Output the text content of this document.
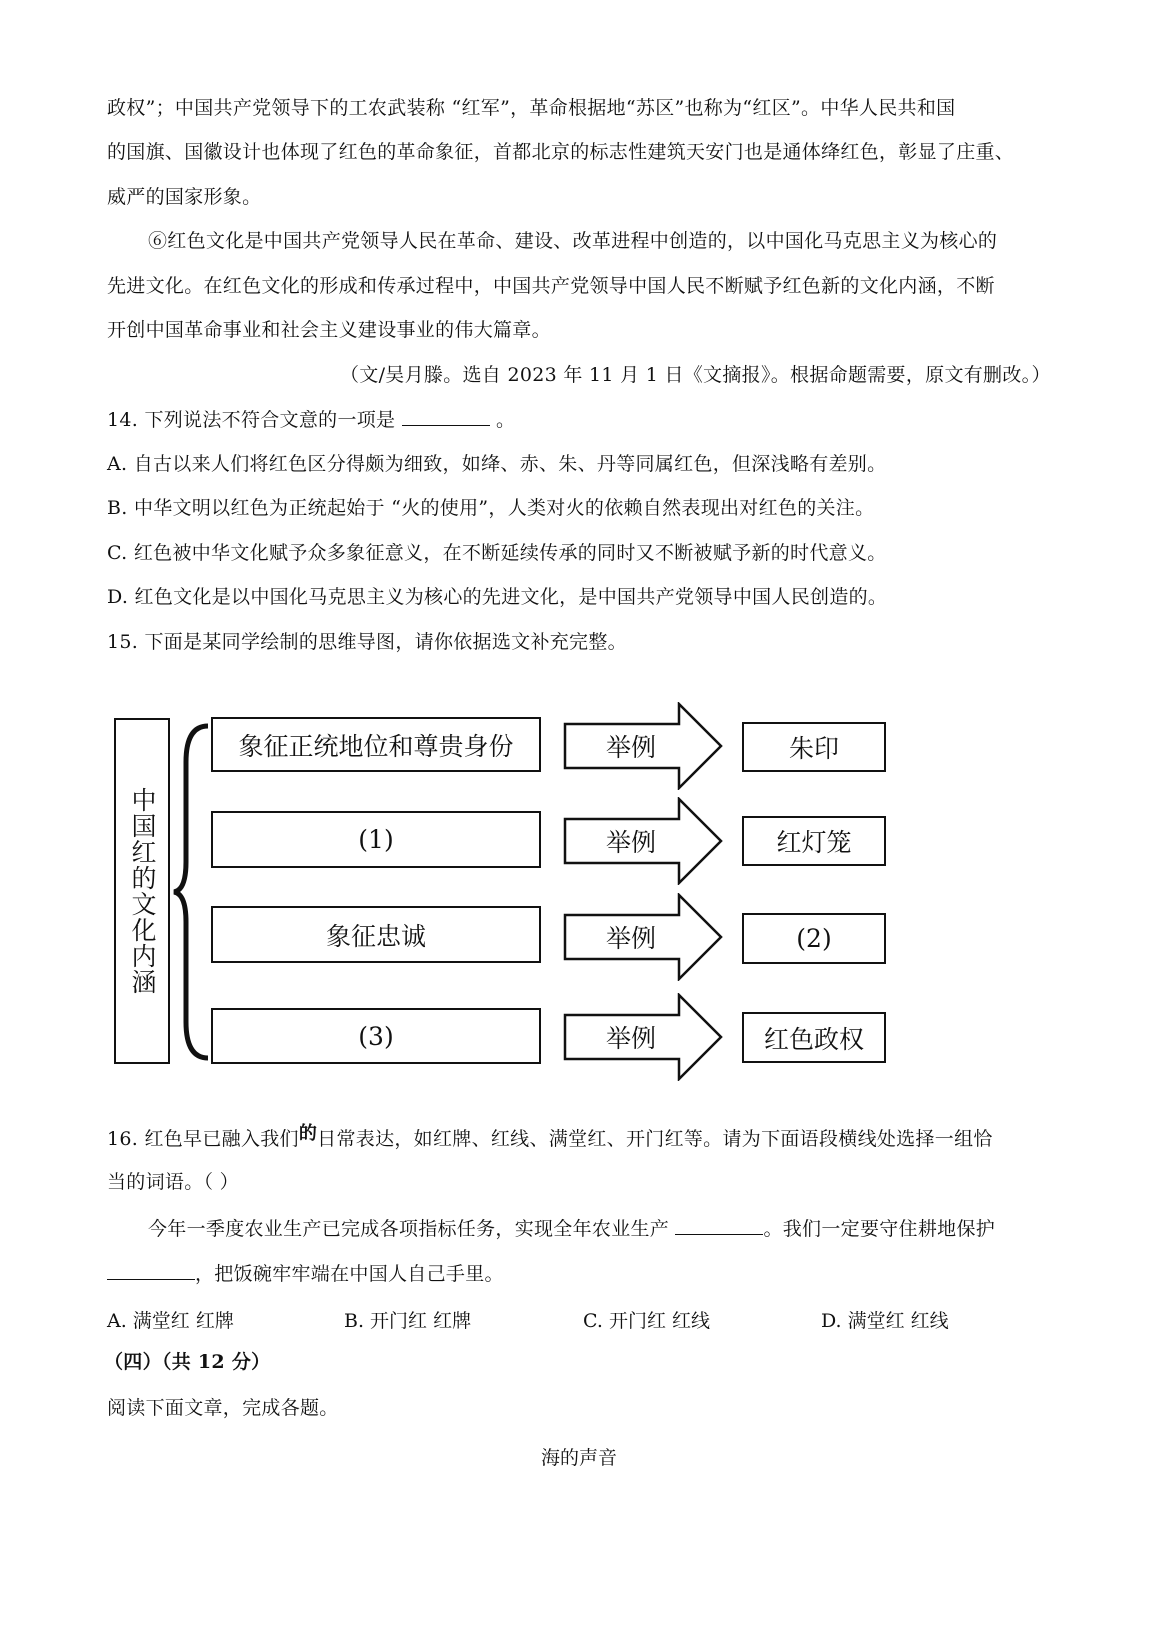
政权”；中国共产党领导下的工农武装称 “红军”，革命根据地“苏区”也称为“红区”。中华人民共和国
的国旗、国徽设计也体现了红色的革命象征，首都北京的标志性建筑天安门也是通体绛红色，彰显了庄重、
威严的国家形象。
⑥红色文化是中国共产党领导人民在革命、建设、改革进程中创造的，以中国化马克思主义为核心的
先进文化。在红色文化的形成和传承过程中，中国共产党领导中国人民不断赋予红色新的文化内涵，不断
开创中国革命事业和社会主义建设事业的伟大篇章。
（文/吴月滕。选自 2023 年 11 月 1 日《文摘报》。根据命题需要，原文有删改。）
14. 下列说法不符合文意的一项是	。
A. 自古以来人们将红色区分得颇为细致，如绛、赤、朱、丹等同属红色，但深浅略有差别。
B. 中华文明以红色为正统起始于 “火的使用”，人类对火的依赖自然表现出对红色的关注。
C. 红色被中华文化赋予众多象征意义，在不断延续传承的同时又不断被赋予新的时代意义。
D. 红色文化是以中国化马克思主义为核心的先进文化，是中国共产党领导中国人民创造的。
15. 下面是某同学绘制的思维导图，请你依据选文补充完整。
中国红的文化内涵
象征正统地位和尊贵身份	举例	朱印
(1)	举例	红灯笼
象征忠诚	举例	(2)
(3)	举例	红色政权
16. 红色早已融入我们的日常表达，如红牌、红线、满堂红、开门红等。请为下面语段横线处选择一组恰
当的词语。（ ）
今年一季度农业生产已完成各项指标任务，实现全年农业生产	。我们一定要守住耕地保护
，把饭碗牢牢端在中国人自己手里。
A. 满堂红 红牌	B. 开门红 红牌	C. 开门红 红线	D. 满堂红 红线
（四）（共 12 分）
阅读下面文章，完成各题。
海的声音
